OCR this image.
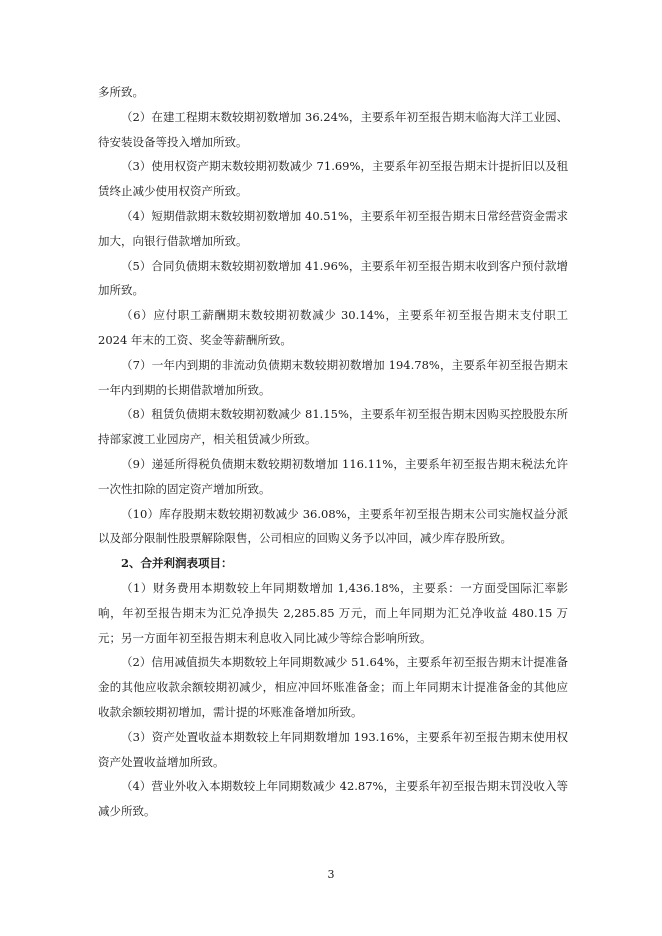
多所致。

（2）在建工程期末数较期初数增加 36.24%，主要系年初至报告期末临海大洋工业园、待安装设备等投入增加所致。

（3）使用权资产期末数较期初数减少 71.69%，主要系年初至报告期末计提折旧以及租赁终止减少使用权资产所致。

（4）短期借款期末数较期初数增加 40.51%，主要系年初至报告期末日常经营资金需求加大，向银行借款增加所致。

（5）合同负债期末数较期初数增加 41.96%，主要系年初至报告期末收到客户预付款增加所致。

（6）应付职工薪酬期末数较期初数减少 30.14%，主要系年初至报告期末支付职工 2024 年末的工资、奖金等薪酬所致。

（7）一年内到期的非流动负债期末数较期初数增加 194.78%，主要系年初至报告期末一年内到期的长期借款增加所致。

（8）租赁负债期末数较期初数减少 81.15%，主要系年初至报告期末因购买控股股东所持部家渡工业园房产，相关租赁减少所致。

（9）递延所得税负债期末数较期初数增加 116.11%，主要系年初至报告期末税法允许一次性扣除的固定资产增加所致。

（10）库存股期末数较期初数减少 36.08%，主要系年初至报告期末公司实施权益分派以及部分限制性股票解除限售，公司相应的回购义务予以冲回，减少库存股所致。

2、合并利润表项目：

（1）财务费用本期数较上年同期数增加 1,436.18%，主要系：一方面受国际汇率影响，年初至报告期末为汇兑净损失 2,285.85 万元，而上年同期为汇兑净收益 480.15 万元；另一方面年初至报告期末利息收入同比减少等综合影响所致。

（2）信用减值损失本期数较上年同期数减少 51.64%，主要系年初至报告期末计提准备金的其他应收款余额较期初减少，相应冲回坏账准备金；而上年同期末计提准备金的其他应收款余额较期初增加，需计提的坏账准备增加所致。

（3）资产处置收益本期数较上年同期数增加 193.16%，主要系年初至报告期末使用权资产处置收益增加所致。

（4）营业外收入本期数较上年同期数减少 42.87%，主要系年初至报告期末罚没收入等减少所致。

3
